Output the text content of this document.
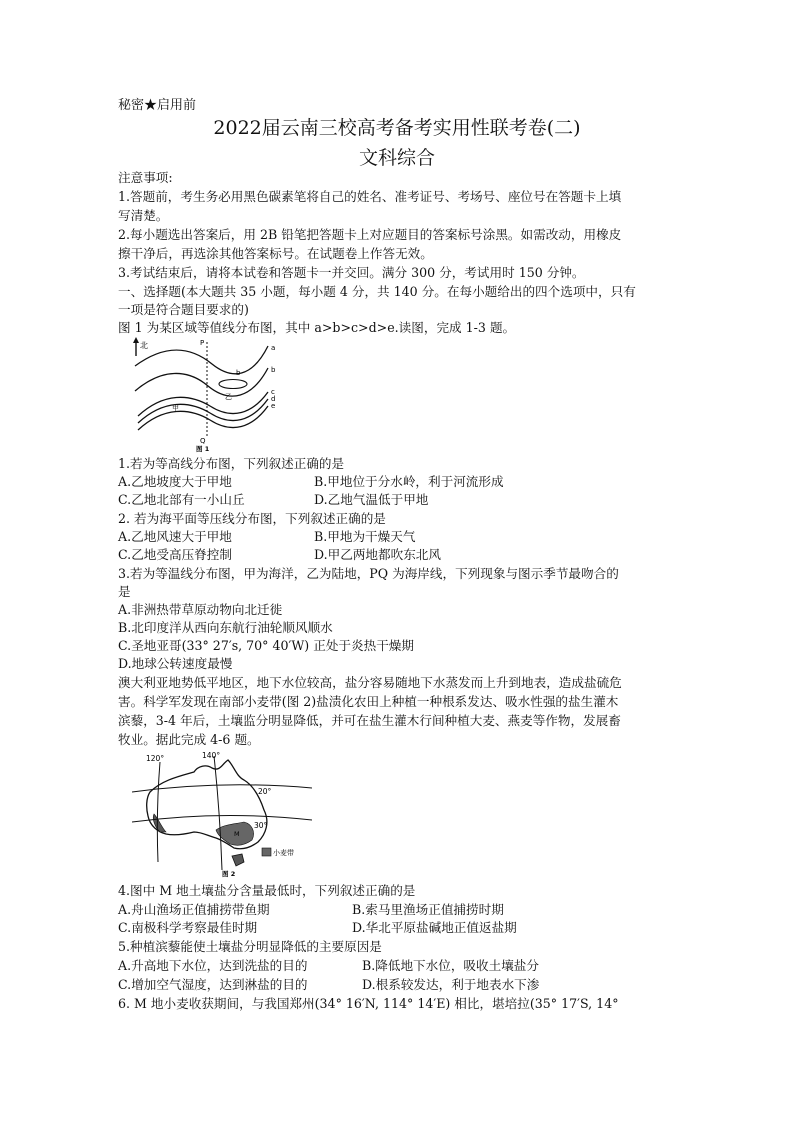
秘密★启用前
2022届云南三校高考备考实用性联考卷(二)
文科综合
注意事项:
1.答题前，考生务必用黑色碳素笔将自己的姓名、准考证号、考场号、座位号在答题卡上填
写清楚。
2.每小题选出答案后，用 2B 铅笔把答题卡上对应题目的答案标号涂黑。如需改动，用橡皮
擦干净后，再选涂其他答案标号。在试题卷上作答无效。
3.考试结束后，请将本试卷和答题卡一并交回。满分 300 分，考试用时 150 分钟。
一、选择题(本大题共 35 小题，每小题 4 分，共 140 分。在每小题给出的四个选项中，只有
一项是符合题目要求的)
图 1 为某区域等值线分布图，其中 a>b>c>d>e.读图，完成 1-3 题。
北	P
Q
b
a
b
c
d
e
甲
乙
图 1
1.若为等高线分布图，下列叙述正确的是
A.乙地坡度大于甲地	B.甲地位于分水岭，利于河流形成
C.乙地北部有一小山丘	D.乙地气温低于甲地
2. 若为海平面等压线分布图，下列叙述正确的是
A.乙地风速大于甲地	B.甲地为干燥天气
C.乙地受高压脊控制	D.甲乙两地都吹东北风
3.若为等温线分布图，甲为海洋，乙为陆地，PQ 为海岸线，下列现象与图示季节最吻合的
是
A.非洲热带草原动物向北迁徙
B.北印度洋从西向东航行油轮顺风顺水
C.圣地亚哥(33° 27′s, 70° 40′W) 正处于炎热干燥期
D.地球公转速度最慢
澳大利亚地势低平地区，地下水位较高，盐分容易随地下水蒸发而上升到地表，造成盐硫危
害。科学军发现在南部小麦带(图 2)盐渍化农田上种植一种根系发达、吸水性强的盐生灌木
滨藜，3-4 年后，土壤监分明显降低，并可在盐生灌木行间种植大麦、燕麦等作物，发展畜
牧业。据此完成 4-6 题。
120°	140°
20°
30°
M
小麦带
图 2
4.图中 M 地土壤盐分含量最低时，下列叙述正确的是
A.舟山渔场正值捕捞带鱼期	B.索马里渔场正值捕捞时期
C.南极科学考察最佳时期	D.华北平原盐碱地正值返盐期
5.种植滨藜能使土壤盐分明显降低的主要原因是
A.升高地下水位，达到洗盐的目的	B.降低地下水位，吸收土壤盐分
C.增加空气湿度，达到淋盐的目的	D.根系较发达，利于地表水下渗
6. M 地小麦收获期间，与我国郑州(34° 16′N, 114° 14′E) 相比，堪培拉(35° 17′S, 14°
